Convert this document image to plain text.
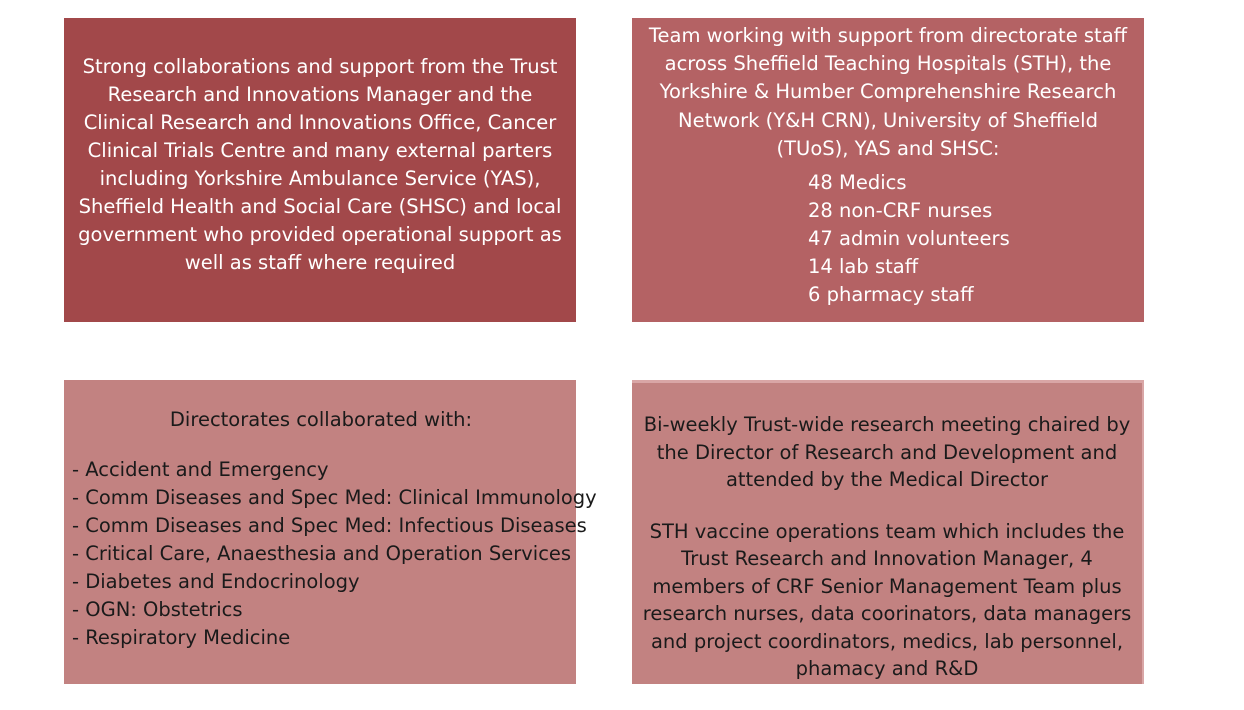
Strong collaborations and support from the Trust Research and Innovations Manager and the Clinical Research and Innovations Office, Cancer Clinical Trials Centre and many external parters including Yorkshire Ambulance Service (YAS), Sheffield Health and Social Care (SHSC) and local government who provided operational support as well as staff where required
Team working with support from directorate staff across Sheffield Teaching Hospitals (STH), the Yorkshire & Humber Comprehenshire Research Network (Y&H CRN), University of Sheffield (TUoS), YAS and SHSC:
48 Medics
28 non-CRF nurses
47 admin volunteers
14 lab staff
6 pharmacy staff
Directorates collaborated with:
- Accident and Emergency
- Comm Diseases and Spec Med: Clinical Immunology
- Comm Diseases and Spec Med: Infectious Diseases
- Critical Care, Anaesthesia and Operation Services
- Diabetes and Endocrinology
- OGN: Obstetrics
- Respiratory Medicine

Bi-weekly Trust-wide research meeting chaired by the Director of Research and Development and attended by the Medical Director

STH vaccine operations team which includes the Trust Research and Innovation Manager, 4 members of CRF Senior Management Team plus research nurses, data coorinators, data managers and project coordinators, medics, lab personnel, phamacy and R&D
